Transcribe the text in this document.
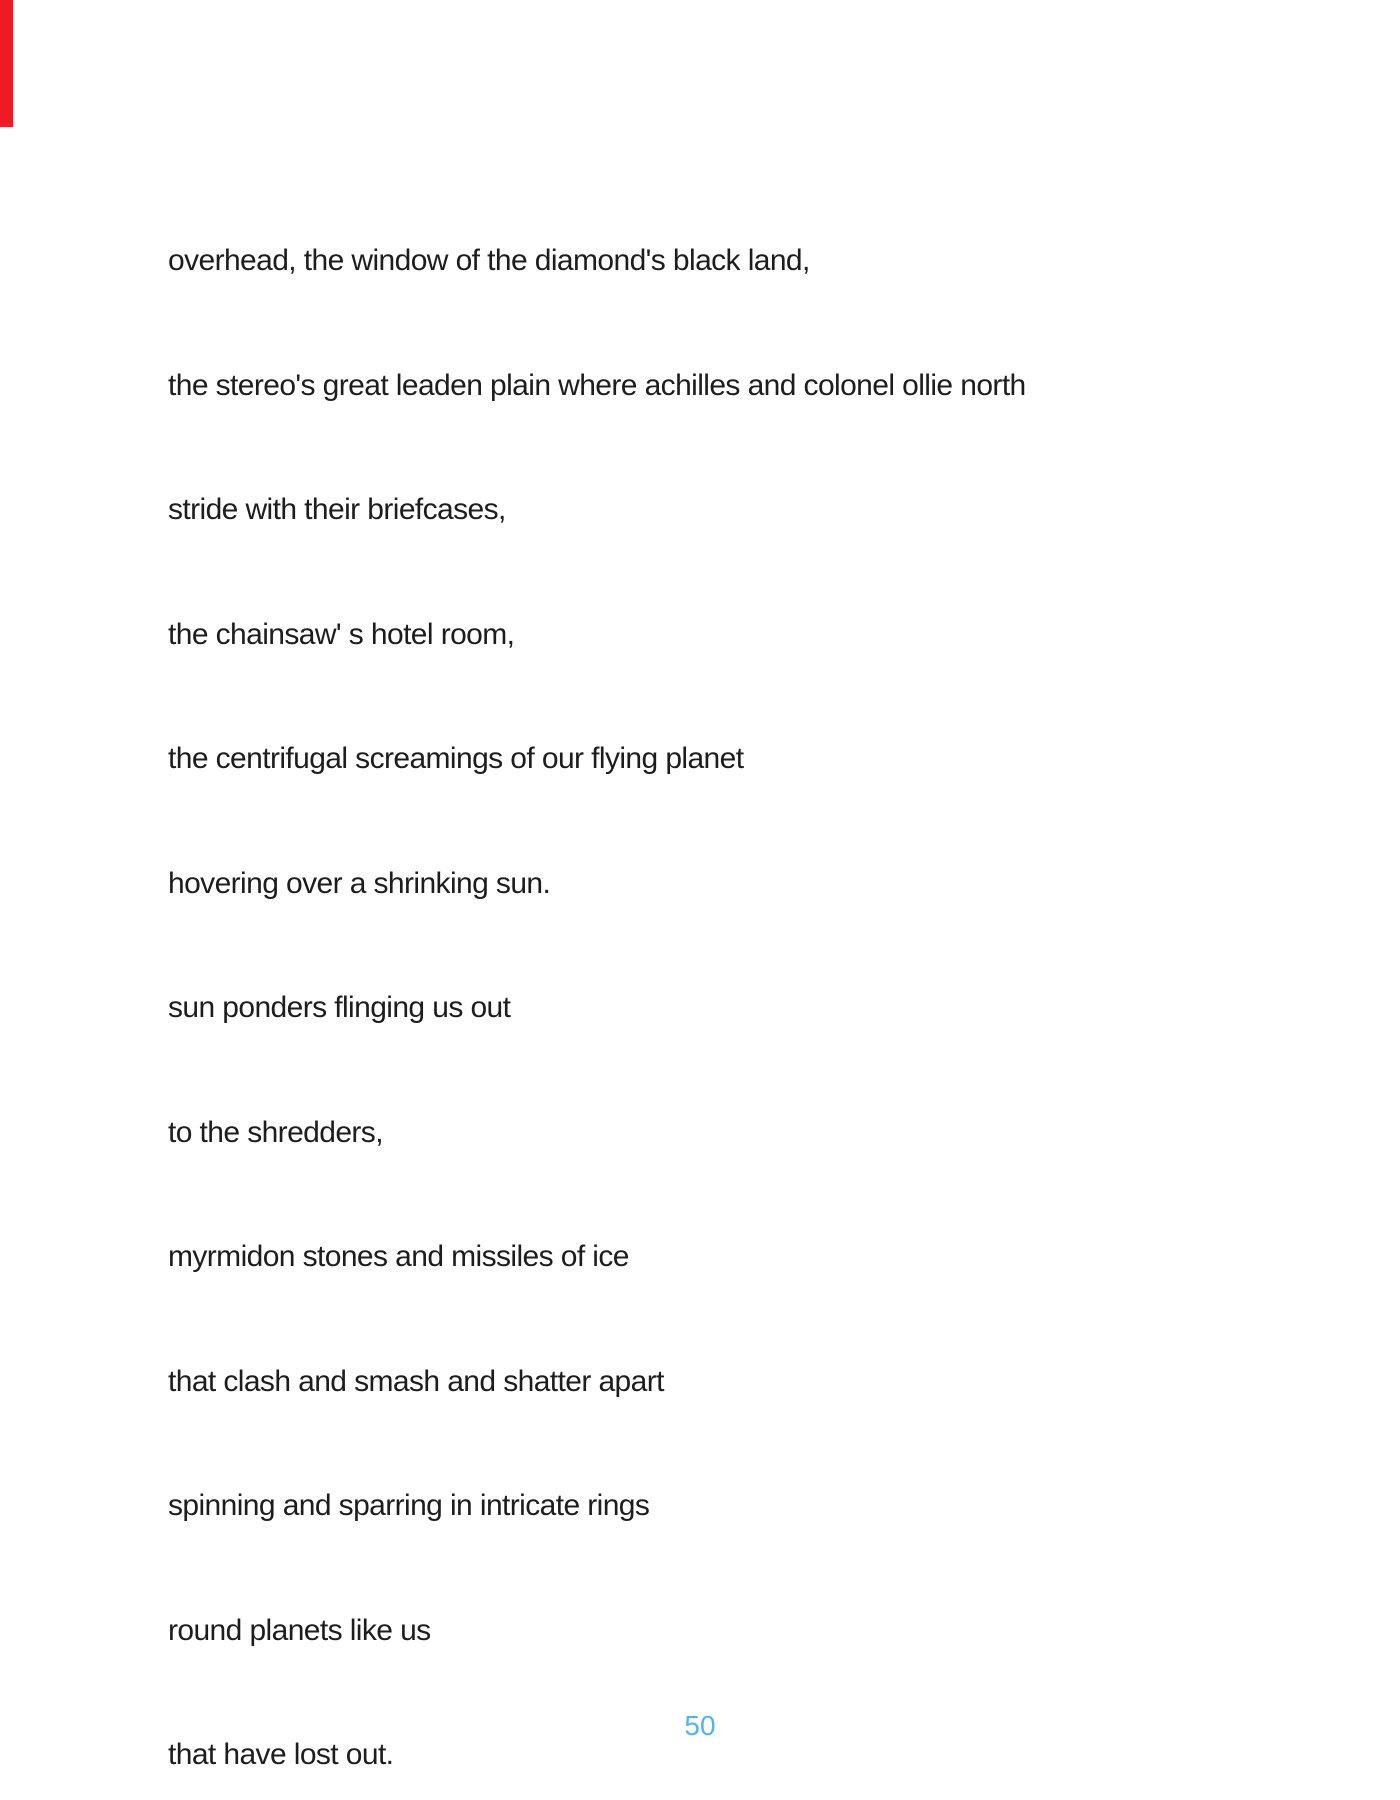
overhead, the window of the diamond's black land,

the stereo's great leaden plain where achilles and colonel ollie north

stride with their briefcases,

the chainsaw' s hotel room,

the centrifugal screamings of our flying planet

hovering over a shrinking sun.

sun ponders flinging us out

to the shredders,

myrmidon stones and missiles of ice

that clash and smash and shatter apart

spinning and sparring in intricate rings

round planets like us

that have lost out.

50
